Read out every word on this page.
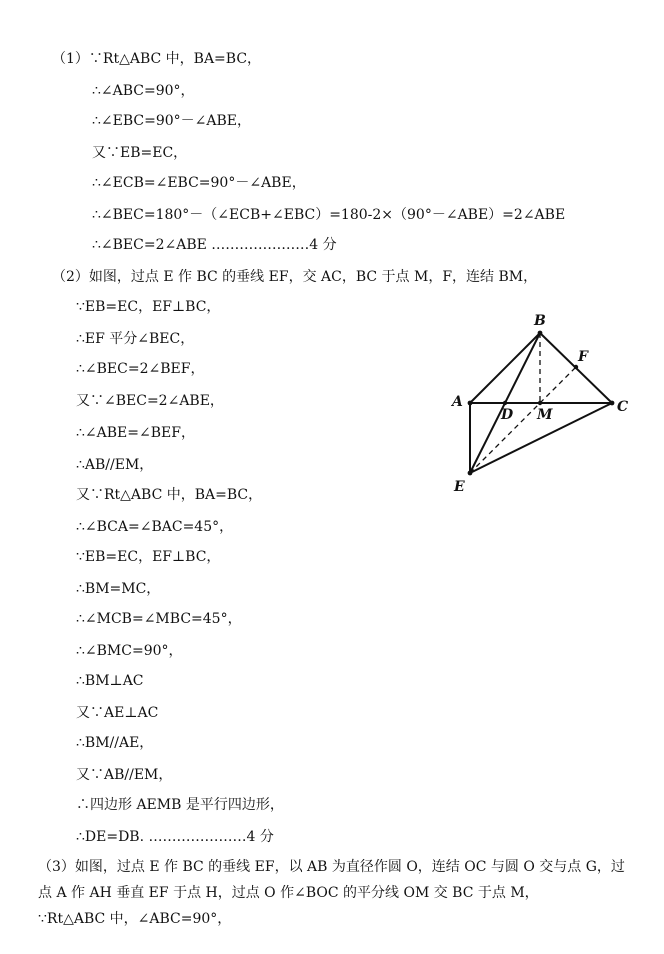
（1）∵Rt△ABC 中，BA=BC，
∴∠ABC=90°，
∴∠EBC=90°－∠ABE，
又∵EB=EC，
∴∠ECB=∠EBC=90°－∠ABE，
∴∠BEC=180°－（∠ECB+∠EBC）=180-2×（90°－∠ABE）=2∠ABE
∴∠BEC=2∠ABE …………………4 分
（2）如图，过点 E 作 BC 的垂线 EF，交 AC，BC 于点 M，F，连结 BM，
∵EB=EC，EF⊥BC，
∴EF 平分∠BEC，
∴∠BEC=2∠BEF，
又∵∠BEC=2∠ABE，
∴∠ABE=∠BEF，
∴AB//EM，
又∵Rt△ABC 中，BA=BC，
∴∠BCA=∠BAC=45°，
∵EB=EC，EF⊥BC，
∴BM=MC，
∴∠MCB=∠MBC=45°，
∴∠BMC=90°，
∴BM⊥AC
又∵AE⊥AC
∴BM//AE，
又∵AB//EM，
∴四边形 AEMB 是平行四边形，
∴DE=DB. …………………4 分
（3）如图，过点 E 作 BC 的垂线 EF，以 AB 为直径作圆 O，连结 OC 与圆 O 交与点 G，过
点 A 作 AH 垂直 EF 于点 H，过点 O 作∠BOC 的平分线 OM 交 BC 于点 M，
∵Rt△ABC 中，∠ABC=90°，
B
F
A
D M	C
E
